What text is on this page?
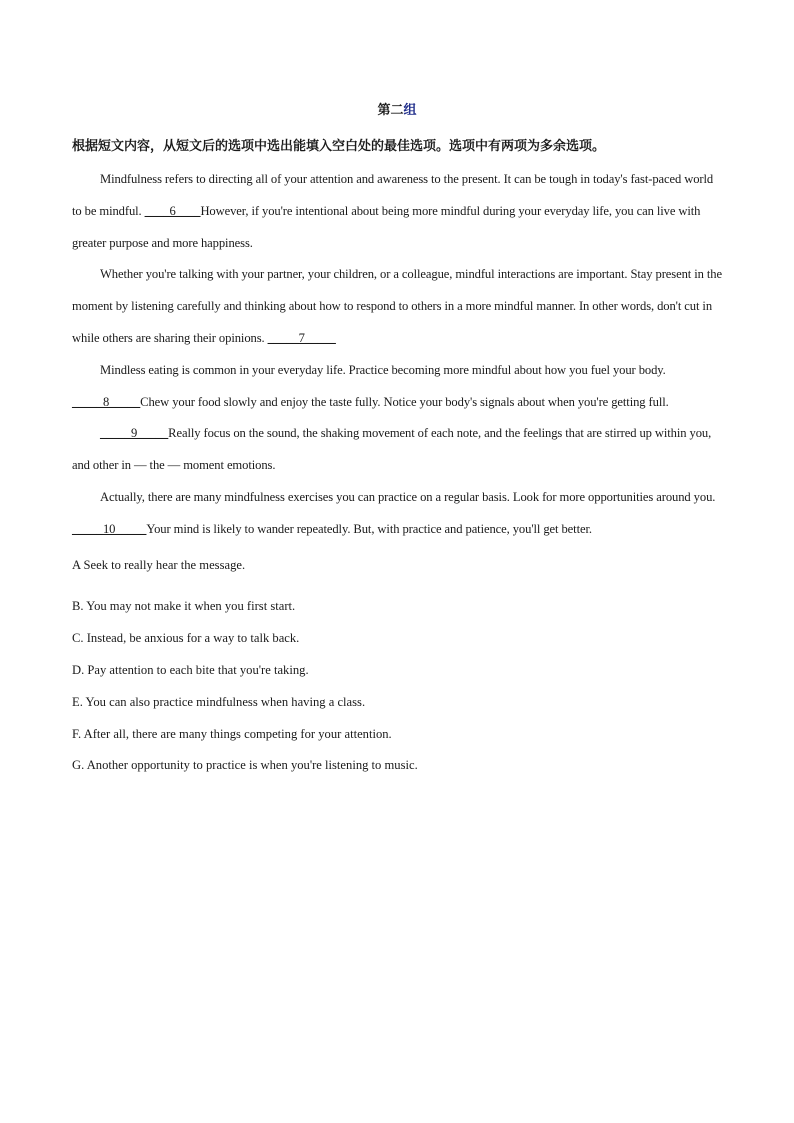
第二组
根据短文内容，从短文后的选项中选出能填入空白处的最佳选项。选项中有两项为多余选项。

Mindfulness refers to directing all of your attention and awareness to the present. It can be tough in today's fast-paced world to be mindful. ____6____However, if you're intentional about being more mindful during your everyday life, you can live with greater purpose and more happiness.

Whether you're talking with your partner, your children, or a colleague, mindful interactions are important. Stay present in the moment by listening carefully and thinking about how to respond to others in a more mindful manner. In other words, don't cut in while others are sharing their opinions. _____7_____

Mindless eating is common in your everyday life. Practice becoming more mindful about how you fuel your body. _____8_____Chew your food slowly and enjoy the taste fully. Notice your body's signals about when you're getting full.

_____9_____Really focus on the sound, the shaking movement of each note, and the feelings that are stirred up within you, and other in — the — moment emotions.

Actually, there are many mindfulness exercises you can practice on a regular basis. Look for more opportunities around you. _____10_____Your mind is likely to wander repeatedly. But, with practice and patience, you'll get better.

A Seek to really hear the message.

B. You may not make it when you first start.

C. Instead, be anxious for a way to talk back.

D. Pay attention to each bite that you're taking.

E. You can also practice mindfulness when having a class.

F. After all, there are many things competing for your attention.

G. Another opportunity to practice is when you're listening to music.
